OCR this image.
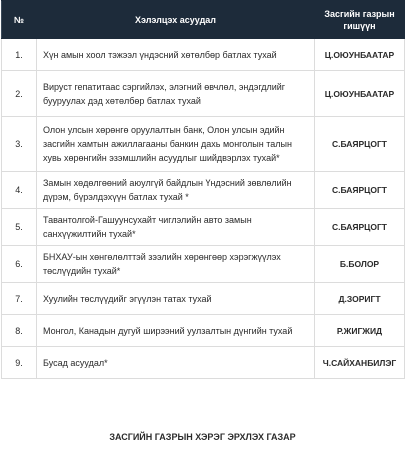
№	Хэлэлцэх асуудал	Засгийн газрын гишүүн
1.	Хүн амын хоол тэжээл үндэсний хөтөлбөр батлах тухай	Ц.ОЮУНБААТАР
2.	Вируст гепатитаас сэргийлэх, элэгний өвчлөл, эндэгдлийг бууруулах дэд хөтөлбөр батлах тухай	Ц.ОЮУНБААТАР
3.	Олон улсын хөрөнгө оруулалтын банк, Олон улсын эдийн засгийн хамтын ажиллагааны банкин дахь монголын талын хувь хөрөнгийн эзэмшлийн асуудлыг шийдвэрлэх тухай*	С.БАЯРЦОГТ
4.	Замын хөдөлгөөний аюулгүй байдлын Үндэсний зөвлөлийн дүрэм, бүрэлдэхүүн батлах тухай *	С.БАЯРЦОГТ
5.	Тавантолгой-Гашуунсухайт чиглэлийн авто замын санхүүжилтийн тухай*	С.БАЯРЦОГТ
6.	БНХАУ-ын хөнгөлөлттэй зээлийн хөрөнгөөр хэрэгжүүлэх төслүүдийн тухай*	Б.БОЛОР
7.	Хуулийн төслүүдийг эгүүлэн татах тухай	Д.ЗОРИГТ
8.	Монгол, Канадын дугуй ширээний уулзалтын дүнгийн тухай	Р.ЖИГЖИД
9.	Бусад асуудал*	Ч.САЙХАНБИЛЭГ
ЗАСГИЙН ГАЗРЫН ХЭРЭГ ЭРХЛЭХ ГАЗАР
